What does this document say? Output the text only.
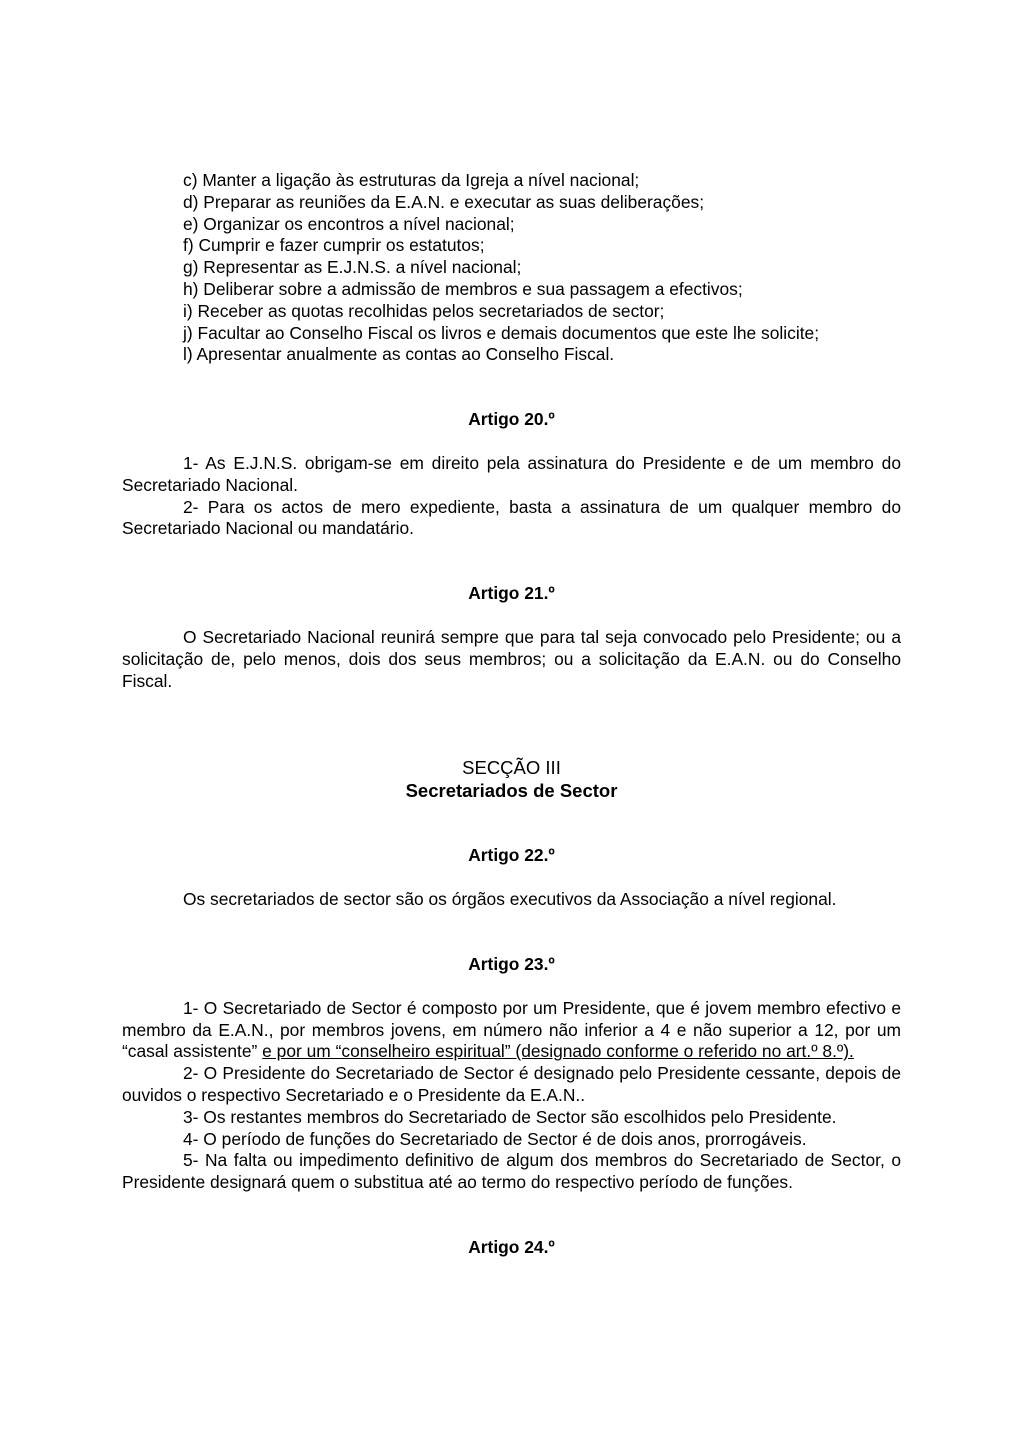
c) Manter a ligação às estruturas da Igreja a nível nacional;
d) Preparar as reuniões da E.A.N. e executar as suas deliberações;
e) Organizar os encontros a nível nacional;
f) Cumprir e fazer cumprir os estatutos;
g) Representar as E.J.N.S. a nível nacional;
h) Deliberar sobre a admissão de membros e sua passagem a efectivos;
i) Receber as quotas recolhidas pelos secretariados de sector;
j) Facultar ao Conselho Fiscal os livros e demais documentos que este lhe solicite;
l) Apresentar anualmente as contas ao Conselho Fiscal.
Artigo 20.º
1- As E.J.N.S. obrigam-se em direito pela assinatura do Presidente e de um membro do Secretariado Nacional.
2- Para os actos de mero expediente, basta a assinatura de um qualquer membro do Secretariado Nacional ou mandatário.
Artigo 21.º
O Secretariado Nacional reunirá sempre que para tal seja convocado pelo Presidente; ou a solicitação de, pelo menos, dois dos seus membros; ou a solicitação da E.A.N. ou do Conselho Fiscal.
SECÇÃO III
Secretariados de Sector
Artigo 22.º
Os secretariados de sector são os órgãos executivos da Associação a nível regional.
Artigo 23.º
1- O Secretariado de Sector é composto por um Presidente, que é jovem membro efectivo e membro da E.A.N., por membros jovens, em número não inferior a 4 e não superior a 12, por um “casal assistente” e por um “conselheiro espiritual” (designado conforme o referido no art.º 8.º).
2- O Presidente do Secretariado de Sector é designado pelo Presidente cessante, depois de ouvidos o respectivo Secretariado e o Presidente da E.A.N..
3- Os restantes membros do Secretariado de Sector são escolhidos pelo Presidente.
4- O período de funções do Secretariado de Sector é de dois anos, prorrogáveis.
5- Na falta ou impedimento definitivo de algum dos membros do Secretariado de Sector, o Presidente designará quem o substitua até ao termo do respectivo período de funções.
Artigo 24.º
